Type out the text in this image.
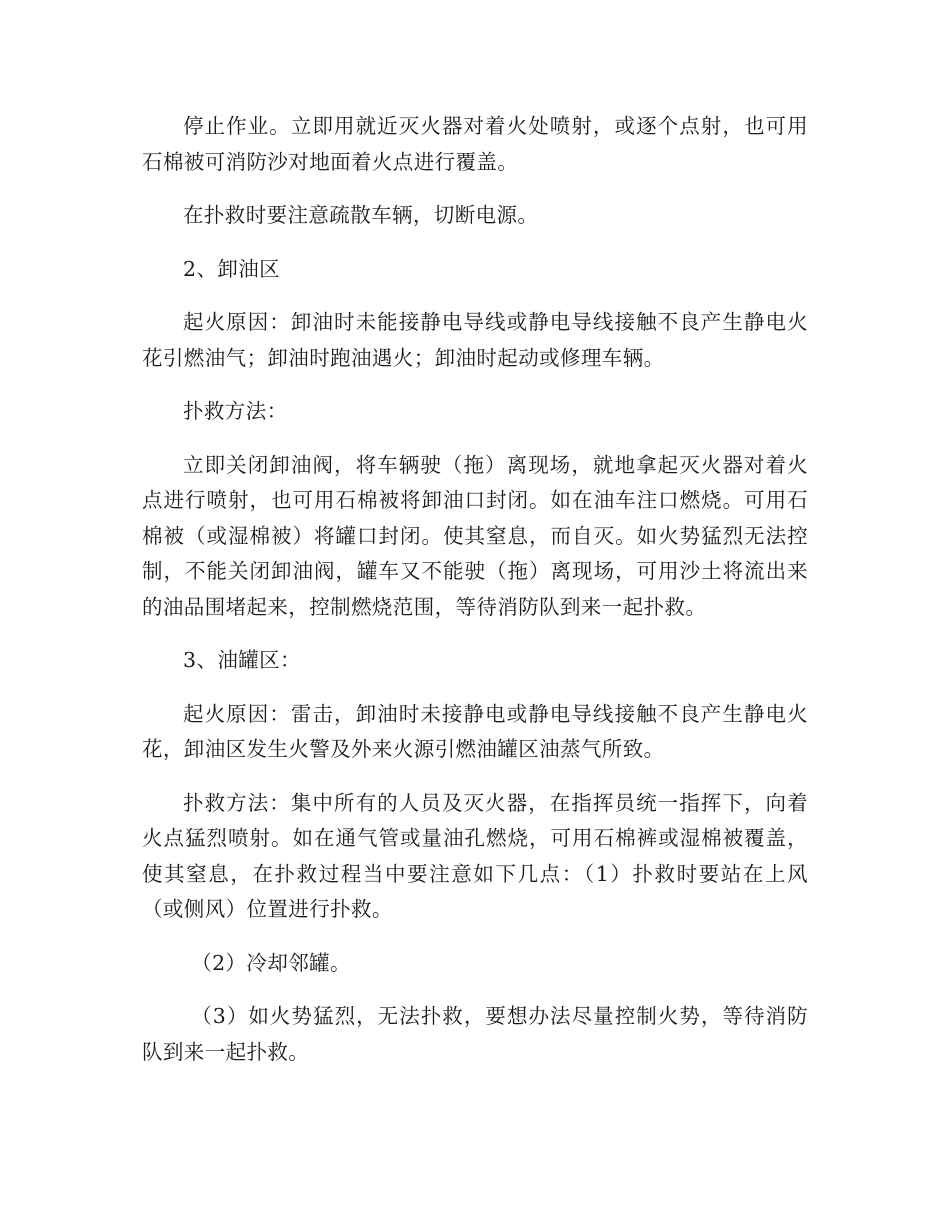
停止作业。立即用就近灭火器对着火处喷射，或逐个点射，也可用石棉被可消防沙对地面着火点进行覆盖。

在扑救时要注意疏散车辆，切断电源。

2、卸油区

起火原因：卸油时未能接静电导线或静电导线接触不良产生静电火花引燃油气；卸油时跑油遇火；卸油时起动或修理车辆。

扑救方法：

立即关闭卸油阀，将车辆驶（拖）离现场，就地拿起灭火器对着火点进行喷射，也可用石棉被将卸油口封闭。如在油车注口燃烧。可用石棉被（或湿棉被）将罐口封闭。使其窒息，而自灭。如火势猛烈无法控制，不能关闭卸油阀，罐车又不能驶（拖）离现场，可用沙土将流出来的油品围堵起来，控制燃烧范围，等待消防队到来一起扑救。

3、油罐区：

起火原因：雷击，卸油时未接静电或静电导线接触不良产生静电火花，卸油区发生火警及外来火源引燃油罐区油蒸气所致。

扑救方法：集中所有的人员及灭火器，在指挥员统一指挥下，向着火点猛烈喷射。如在通气管或量油孔燃烧，可用石棉裤或湿棉被覆盖，使其窒息，在扑救过程当中要注意如下几点：（1）扑救时要站在上风（或侧风）位置进行扑救。

（2）冷却邻罐。

（3）如火势猛烈，无法扑救，要想办法尽量控制火势，等待消防队到来一起扑救。
